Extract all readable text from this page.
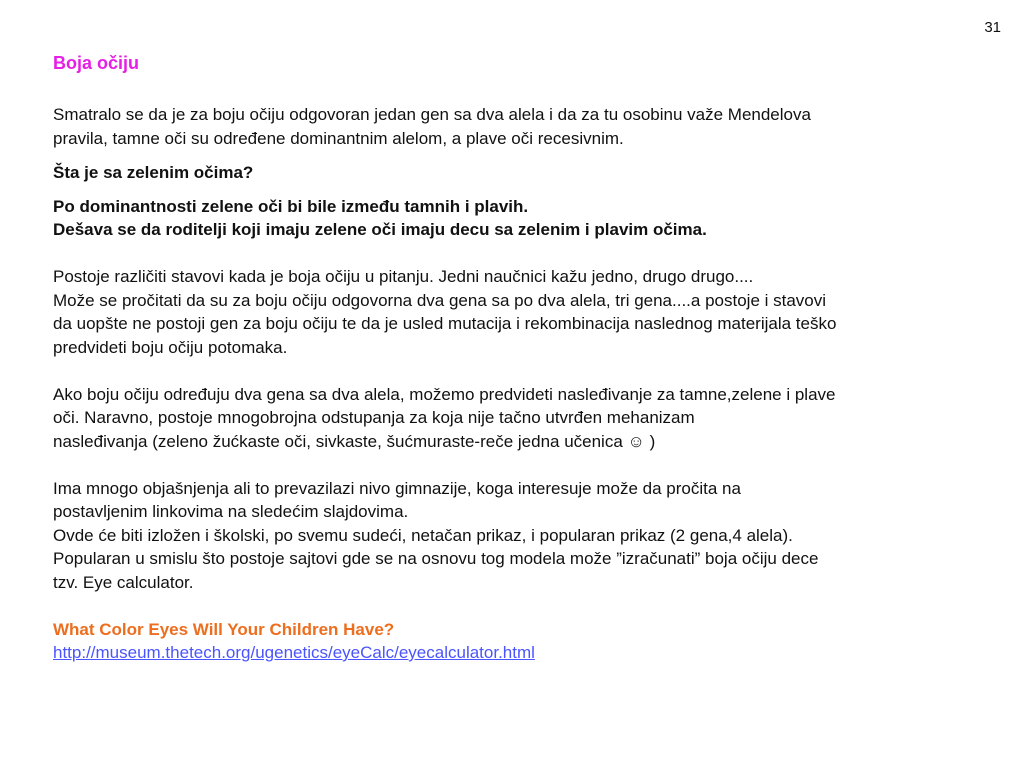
31
Boja očiju

Smatralo se da je za boju očiju odgovoran jedan gen sa dva alela i da za tu osobinu važe Mendelova

pravila, tamne oči su određene dominantnim alelom, a plave oči recesivnim.

Šta je sa zelenim očima?

Po dominantnosti zelene oči bi bile između tamnih i plavih.

Dešava se da roditelji koji imaju zelene oči imaju decu sa zelenim i plavim očima.

Postoje različiti stavovi kada je boja očiju u pitanju. Jedni naučnici kažu jedno, drugo drugo....

Može se pročitati da su za boju očiju odgovorna dva gena sa po dva alela, tri gena....a postoje i stavovi

da uopšte ne postoji gen za boju očiju te da je usled mutacija i rekombinacija naslednog materijala teško

predvideti boju očiju potomaka.

Ako boju očiju određuju dva gena sa dva alela, možemo predvideti nasleđivanje za tamne,zelene i plave

oči. Naravno, postoje mnogobrojna odstupanja za koja nije tačno utvrđen mehanizam

nasleđivanja (zeleno žućkaste oči, sivkaste, šućmuraste-reče jedna učenica ☺ )

Ima mnogo objašnjenja ali to prevazilazi nivo gimnazije, koga interesuje može da pročita na

postavljenim linkovima na sledećim slajdovima.

Ovde će biti izložen i školski, po svemu sudeći, netačan prikaz, i popularan prikaz (2 gena,4 alela).

Popularan u smislu što postoje sajtovi gde se na osnovu tog modela može ”izračunati” boja očiju dece

tzv. Eye calculator.

What Color Eyes Will Your Children Have?

http://museum.thetech.org/ugenetics/eyeCalc/eyecalculator.html
